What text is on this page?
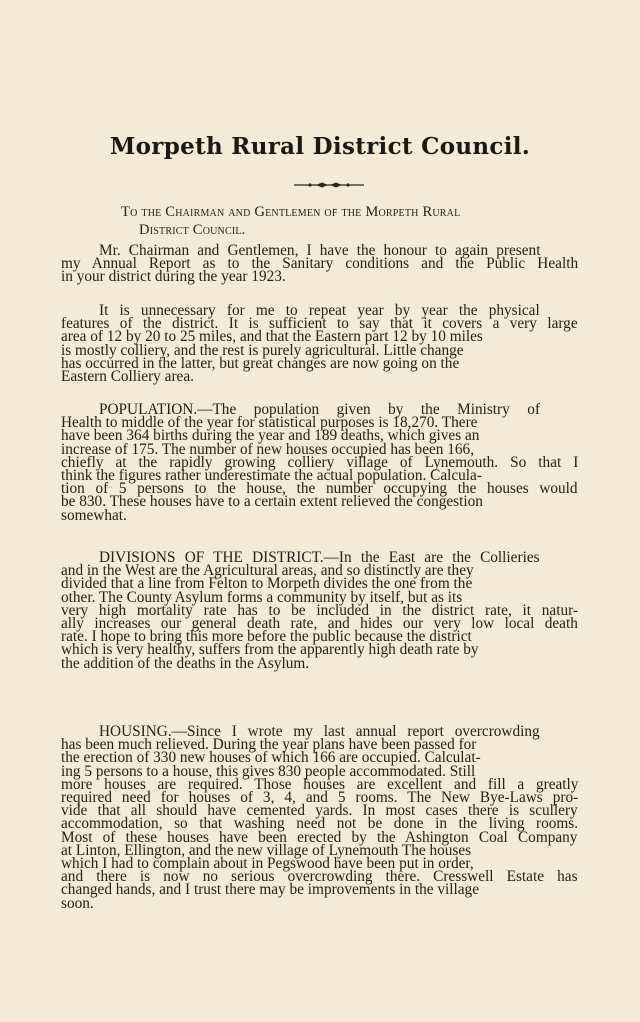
Morpeth Rural District Council.
To the Chairman and Gentlemen of the Morpeth Rural
District Council.
Mr. Chairman and Gentlemen, I have the honour to again present
my Annual Report as to the Sanitary conditions and the Public Health
in your district during the year 1923.
It is unnecessary for me to repeat year by year the physical
features of the district. It is sufficient to say that it covers a very large
area of 12 by 20 to 25 miles, and that the Eastern part 12 by 10 miles
is mostly colliery, and the rest is purely agricultural. Little change
has occurred in the latter, but great changes are now going on the
Eastern Colliery area.
POPULATION.—The population given by the Ministry of
Health to middle of the year for statistical purposes is 18,270. There
have been 364 births during the year and 189 deaths, which gives an
increase of 175. The number of new houses occupied has been 166,
chiefly at the rapidly growing colliery village of Lynemouth. So that I
think the figures rather underestimate the actual population. Calcula-
tion of 5 persons to the house, the number occupying the houses would
be 830. These houses have to a certain extent relieved the congestion
somewhat.
DIVISIONS OF THE DISTRICT.—In the East are the Collieries
and in the West are the Agricultural areas, and so distinctly are they
divided that a line from Felton to Morpeth divides the one from the
other. The County Asylum forms a community by itself, but as its
very high mortality rate has to be included in the district rate, it natur-
ally increases our general death rate, and hides our very low local death
rate. I hope to bring this more before the public because the district
which is very healthy, suffers from the apparently high death rate by
the addition of the deaths in the Asylum.
HOUSING.—Since I wrote my last annual report overcrowding
has been much relieved. During the year plans have been passed for
the erection of 330 new houses of which 166 are occupied. Calculat-
ing 5 persons to a house, this gives 830 people accommodated. Still
more houses are required. Those houses are excellent and fill a greatly
required need for houses of 3, 4, and 5 rooms. The New Bye-Laws pro-
vide that all should have cemented yards. In most cases there is scullery
accommodation, so that washing need not be done in the living rooms.
Most of these houses have been erected by the Ashington Coal Company
at Linton, Ellington, and the new village of Lynemouth The houses
which I had to complain about in Pegswood have been put in order,
and there is now no serious overcrowding there. Cresswell Estate has
changed hands, and I trust there may be improvements in the village
soon.
